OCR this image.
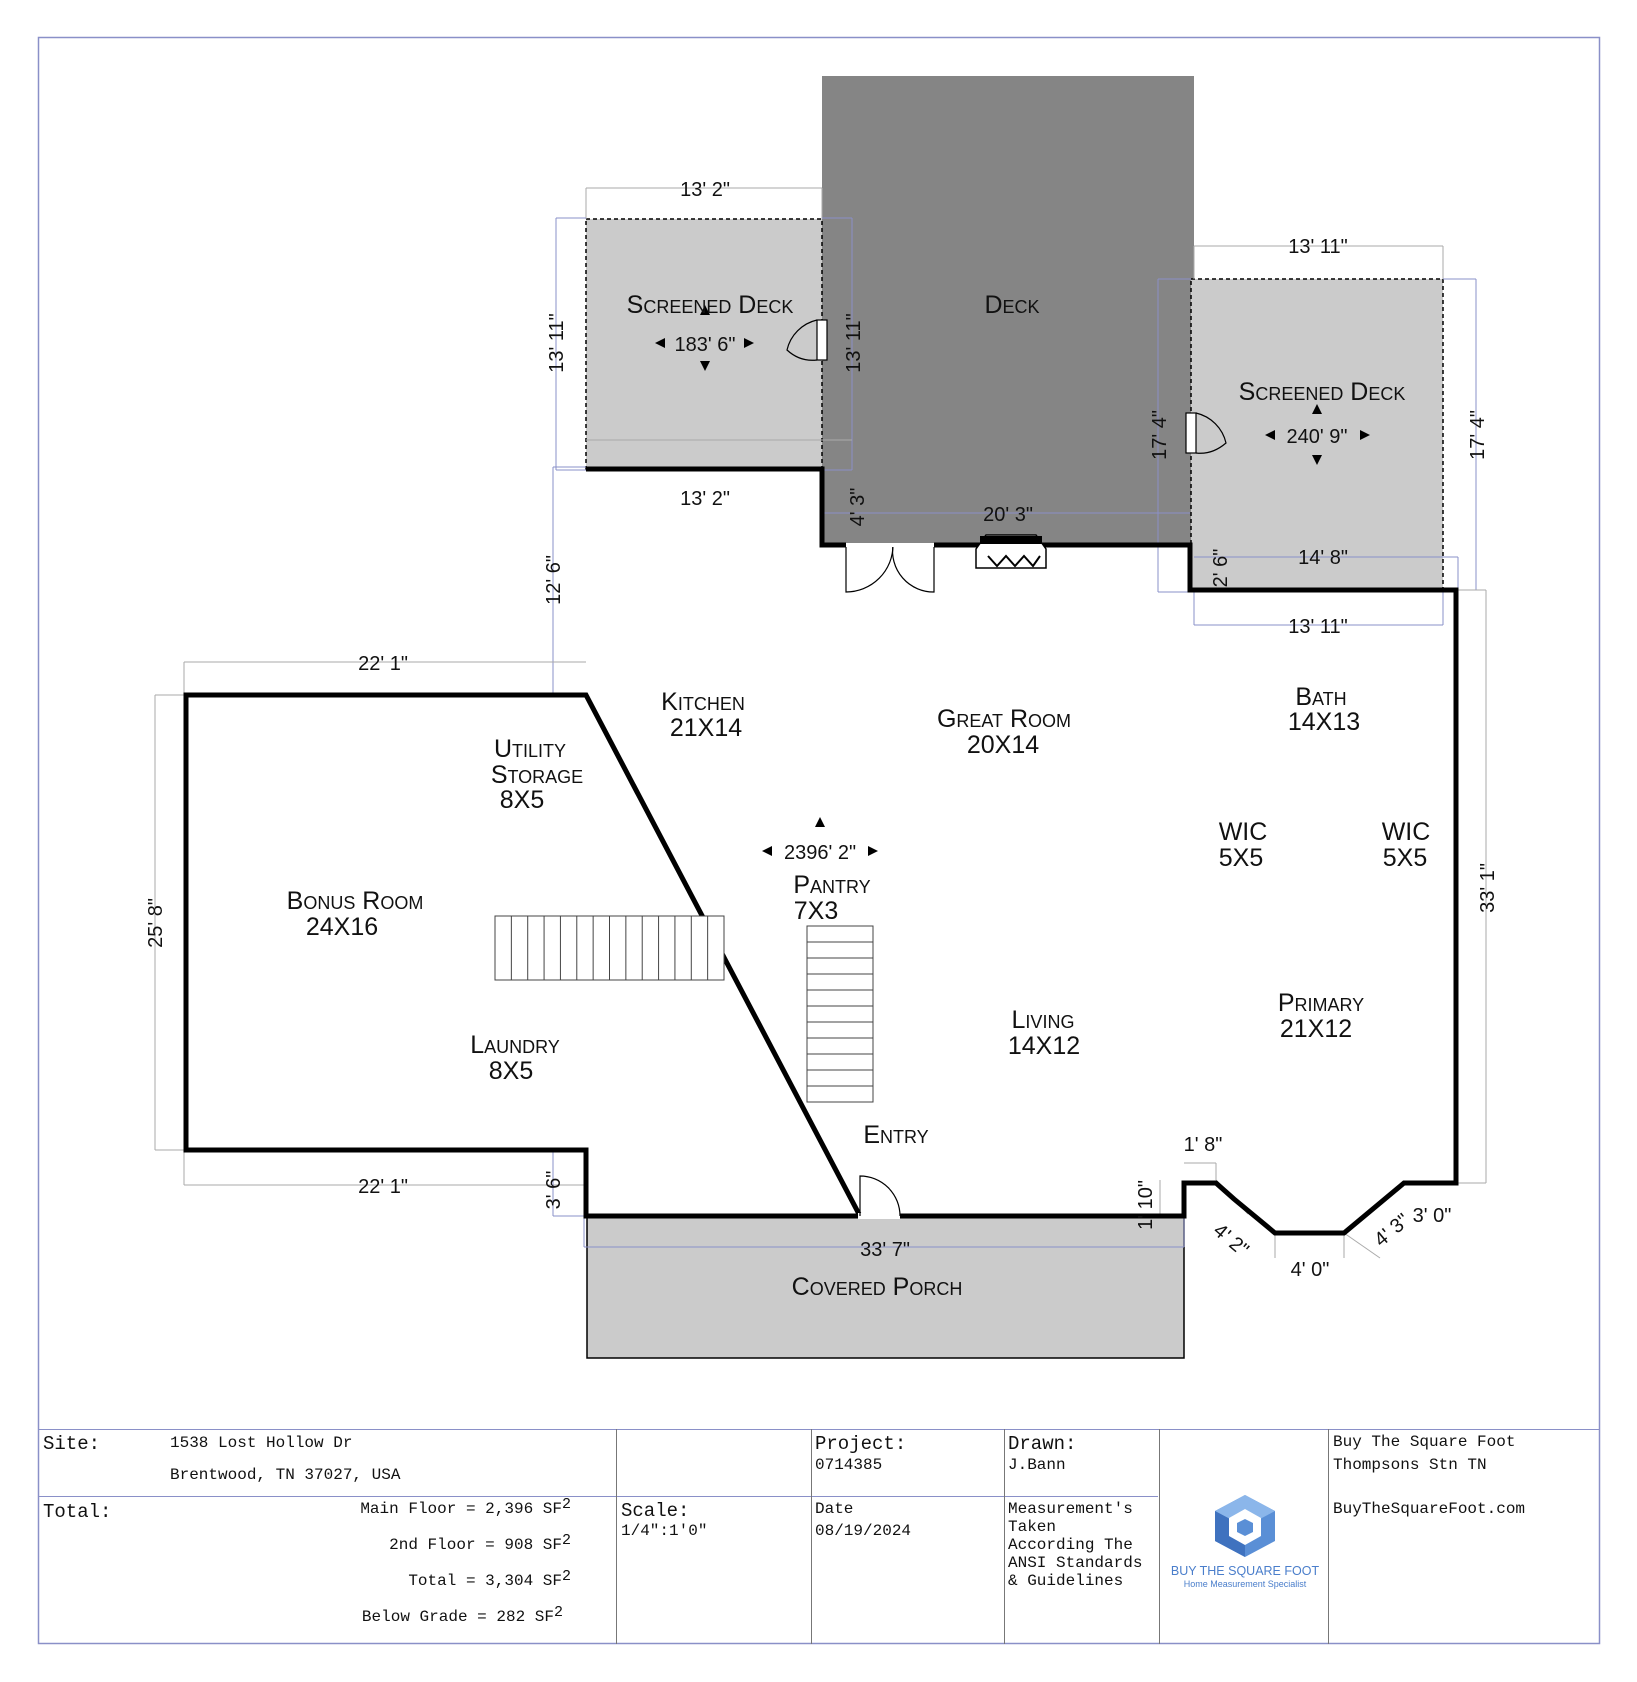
Screened Deck
183' 6"
Deck
Screened Deck
240' 9"
Kitchen
21X14	Great Room
20X14
Bath
14X13
Utility
Storage
8X5
Bonus Room
24X16
2396' 2"
Pantry
7X3
WIC
5X5
WIC
5X5
Primary
21X12
Living
14X12
Laundry
8X5
Entry
Covered Porch
13' 2"
13' 11"	13' 11"
13' 2"
13' 11"
17' 4"	17' 4"
13' 11"
4' 3"	20' 3"
2' 6"	14' 8"
12' 6"
22' 1"
25' 8"
22' 1"	3' 6"
33' 1"
33' 7"
1' 8"
1' 10"
4' 2"
4' 0"
4' 3"
3' 0"
Site:	1538 Lost Hollow Dr
Brentwood, TN 37027, USA
Total:	Main Floor = 2,396 $SF^2$
2nd Floor = 908 $SF^2$
Total = 3,304 $SF^2$
Below Grade = 282 $SF^2$
Scale:
1/4":1'0"
Project:
0714385
Date
08/19/2024
Drawn:
J.Bann
Measurement's Taken According The ANSI Standards & Guidelines
BUY THE SQUARE FOOT
Home Measurement Specialist
Buy The Square Foot
Thompsons Stn TN
BuyTheSquareFoot.com
